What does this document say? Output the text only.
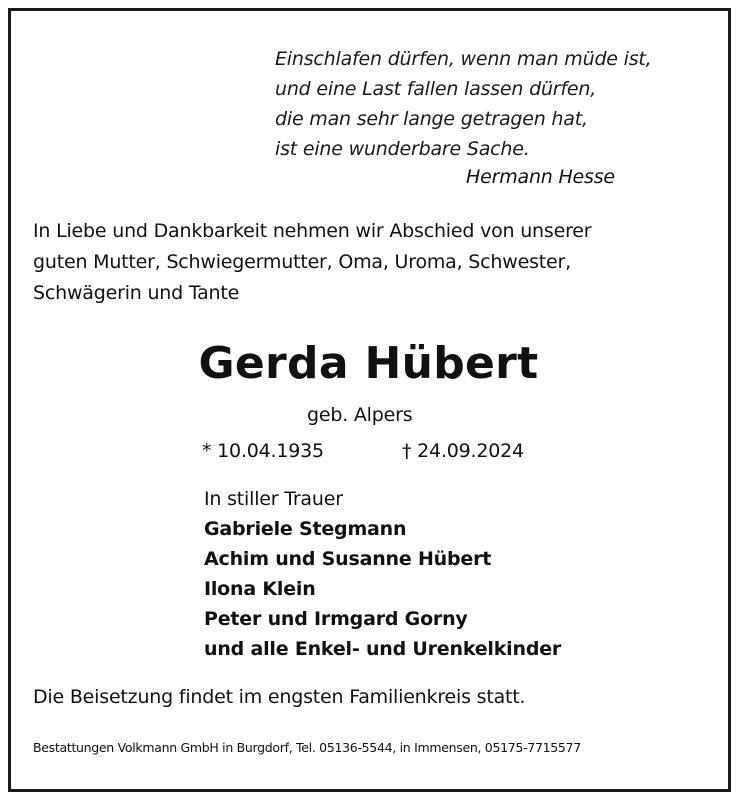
Einschlafen dürfen, wenn man müde ist,
und eine Last fallen lassen dürfen,
die man sehr lange getragen hat,
ist eine wunderbare Sache.
Hermann Hesse
In Liebe und Dankbarkeit nehmen wir Abschied von unserer
guten Mutter, Schwiegermutter, Oma, Uroma, Schwester,
Schwägerin und Tante
Gerda Hübert
geb. Alpers
* 10.04.1935	† 24.09.2024
In stiller Trauer
Gabriele Stegmann
Achim und Susanne Hübert
Ilona Klein
Peter und Irmgard Gorny
und alle Enkel- und Urenkelkinder
Die Beisetzung findet im engsten Familienkreis statt.
Bestattungen Volkmann GmbH in Burgdorf, Tel. 05136-5544, in Immensen, 05175-7715577
